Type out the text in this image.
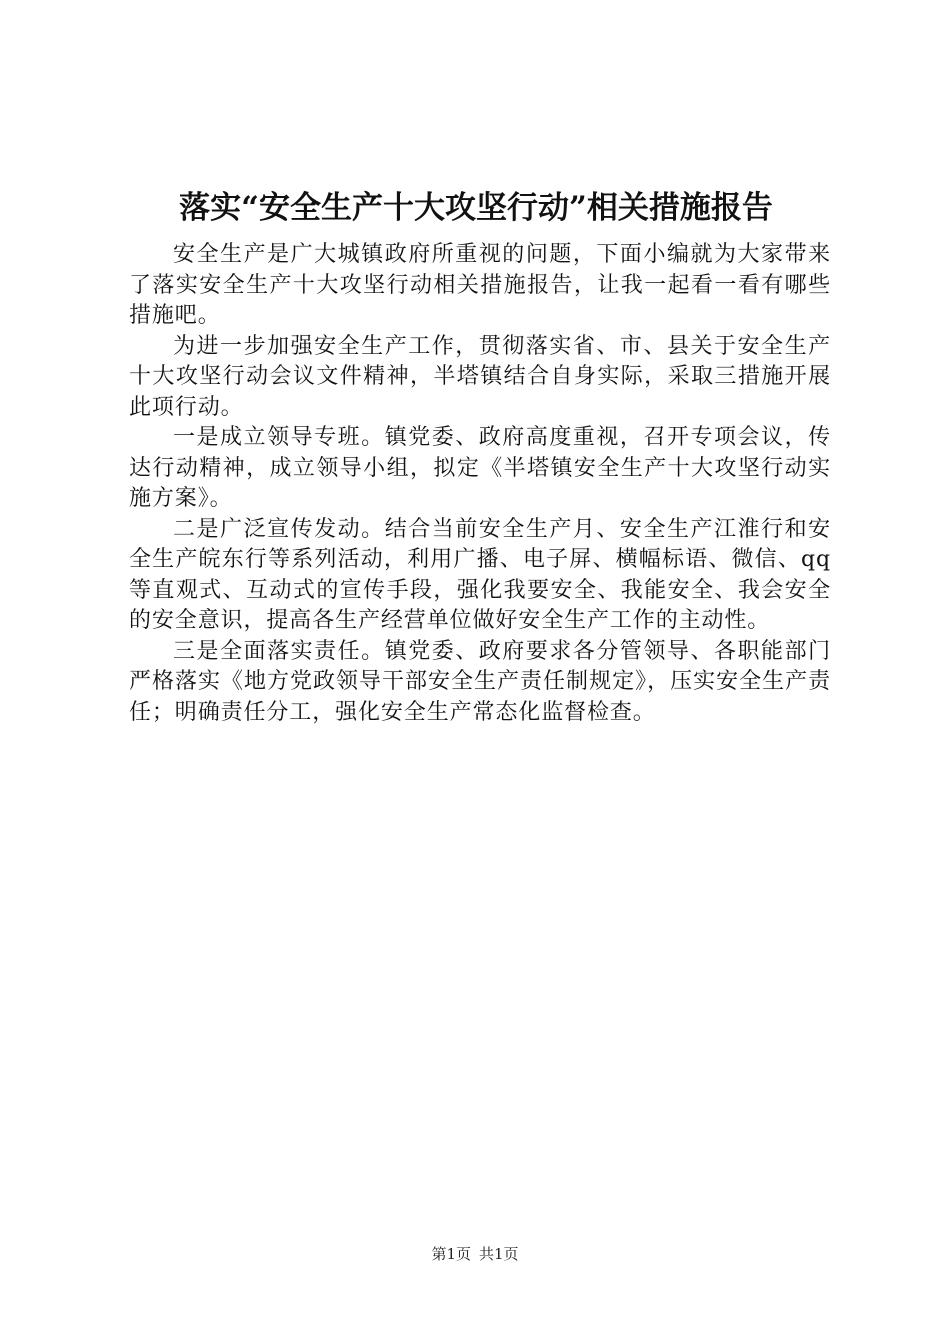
落实“安全生产十大攻坚行动”相关措施报告

安全生产是广大城镇政府所重视的问题，下面小编就为大家带来了落实安全生产十大攻坚行动相关措施报告，让我一起看一看有哪些措施吧。

为进一步加强安全生产工作，贯彻落实省、市、县关于安全生产十大攻坚行动会议文件精神，半塔镇结合自身实际，采取三措施开展此项行动。

一是成立领导专班。镇党委、政府高度重视，召开专项会议，传达行动精神，成立领导小组，拟定《半塔镇安全生产十大攻坚行动实施方案》。

二是广泛宣传发动。结合当前安全生产月、安全生产江淮行和安全生产皖东行等系列活动，利用广播、电子屏、横幅标语、微信、qq等直观式、互动式的宣传手段，强化我要安全、我能安全、我会安全的安全意识，提高各生产经营单位做好安全生产工作的主动性。

三是全面落实责任。镇党委、政府要求各分管领导、各职能部门严格落实《地方党政领导干部安全生产责任制规定》，压实安全生产责任；明确责任分工，强化安全生产常态化监督检查。

第1页 共1页
